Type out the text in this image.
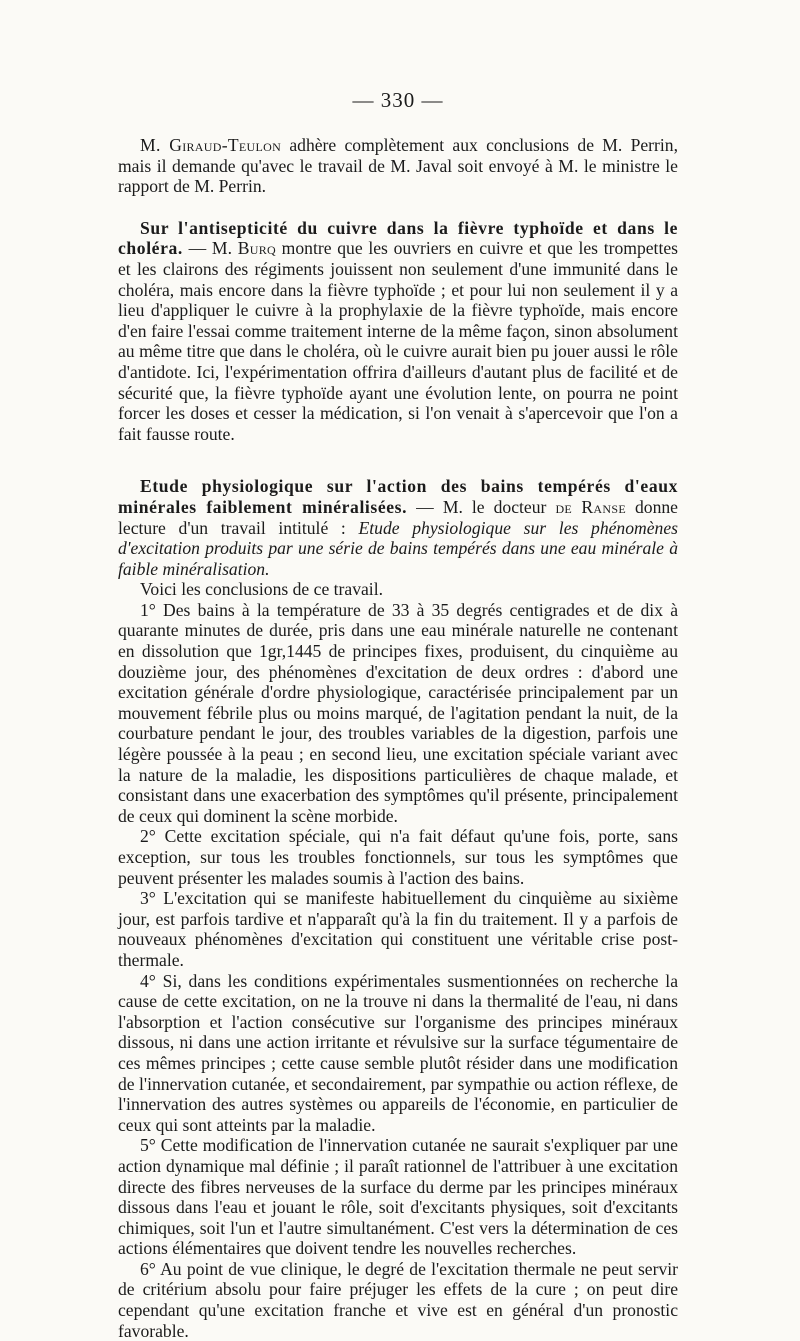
— 330 —

M. Giraud-Teulon adhère complètement aux conclusions de M. Perrin, mais il demande qu'avec le travail de M. Javal soit envoyé à M. le ministre le rapport de M. Perrin.

Sur l'antisepticité du cuivre dans la fièvre typhoïde et dans le choléra. — M. Burq montre que les ouvriers en cuivre et que les trompettes et les clairons des régiments jouissent non seulement d'une immunité dans le choléra, mais encore dans la fièvre typhoïde ; et pour lui non seulement il y a lieu d'appliquer le cuivre à la prophylaxie de la fièvre typhoïde, mais encore d'en faire l'essai comme traitement interne de la même façon, sinon absolument au même titre que dans le choléra, où le cuivre aurait bien pu jouer aussi le rôle d'antidote. Ici, l'expérimentation offrira d'ailleurs d'autant plus de facilité et de sécurité que, la fièvre typhoïde ayant une évolution lente, on pourra ne point forcer les doses et cesser la médication, si l'on venait à s'apercevoir que l'on a fait fausse route.

Etude physiologique sur l'action des bains tempérés d'eaux minérales faiblement minéralisées. — M. le docteur de Ranse donne lecture d'un travail intitulé : Etude physiologique sur les phénomènes d'excitation produits par une série de bains tempérés dans une eau minérale à faible minéralisation.

Voici les conclusions de ce travail.

1° Des bains à la température de 33 à 35 degrés centigrades et de dix à quarante minutes de durée, pris dans une eau minérale naturelle ne contenant en dissolution que 1gr,1445 de principes fixes, produisent, du cinquième au douzième jour, des phénomènes d'excitation de deux ordres : d'abord une excitation générale d'ordre physiologique, caractérisée principalement par un mouvement fébrile plus ou moins marqué, de l'agitation pendant la nuit, de la courbature pendant le jour, des troubles variables de la digestion, parfois une légère poussée à la peau ; en second lieu, une excitation spéciale variant avec la nature de la maladie, les dispositions particulières de chaque malade, et consistant dans une exacerbation des symptômes qu'il présente, principalement de ceux qui dominent la scène morbide.

2° Cette excitation spéciale, qui n'a fait défaut qu'une fois, porte, sans exception, sur tous les troubles fonctionnels, sur tous les symptômes que peuvent présenter les malades soumis à l'action des bains.

3° L'excitation qui se manifeste habituellement du cinquième au sixième jour, est parfois tardive et n'apparaît qu'à la fin du traitement. Il y a parfois de nouveaux phénomènes d'excitation qui constituent une véritable crise post-thermale.

4° Si, dans les conditions expérimentales susmentionnées on recherche la cause de cette excitation, on ne la trouve ni dans la thermalité de l'eau, ni dans l'absorption et l'action consécutive sur l'organisme des principes minéraux dissous, ni dans une action irritante et révulsive sur la surface tégumentaire de ces mêmes principes ; cette cause semble plutôt résider dans une modification de l'innervation cutanée, et secondairement, par sympathie ou action réflexe, de l'innervation des autres systèmes ou appareils de l'économie, en particulier de ceux qui sont atteints par la maladie.

5° Cette modification de l'innervation cutanée ne saurait s'expliquer par une action dynamique mal définie ; il paraît rationnel de l'attribuer à une excitation directe des fibres nerveuses de la surface du derme par les principes minéraux dissous dans l'eau et jouant le rôle, soit d'excitants physiques, soit d'excitants chimiques, soit l'un et l'autre simultanément. C'est vers la détermination de ces actions élémentaires que doivent tendre les nouvelles recherches.

6° Au point de vue clinique, le degré de l'excitation thermale ne peut servir de critérium absolu pour faire préjuger les effets de la cure ; on peut dire cependant qu'une excitation franche et vive est en général d'un pronostic favorable.
